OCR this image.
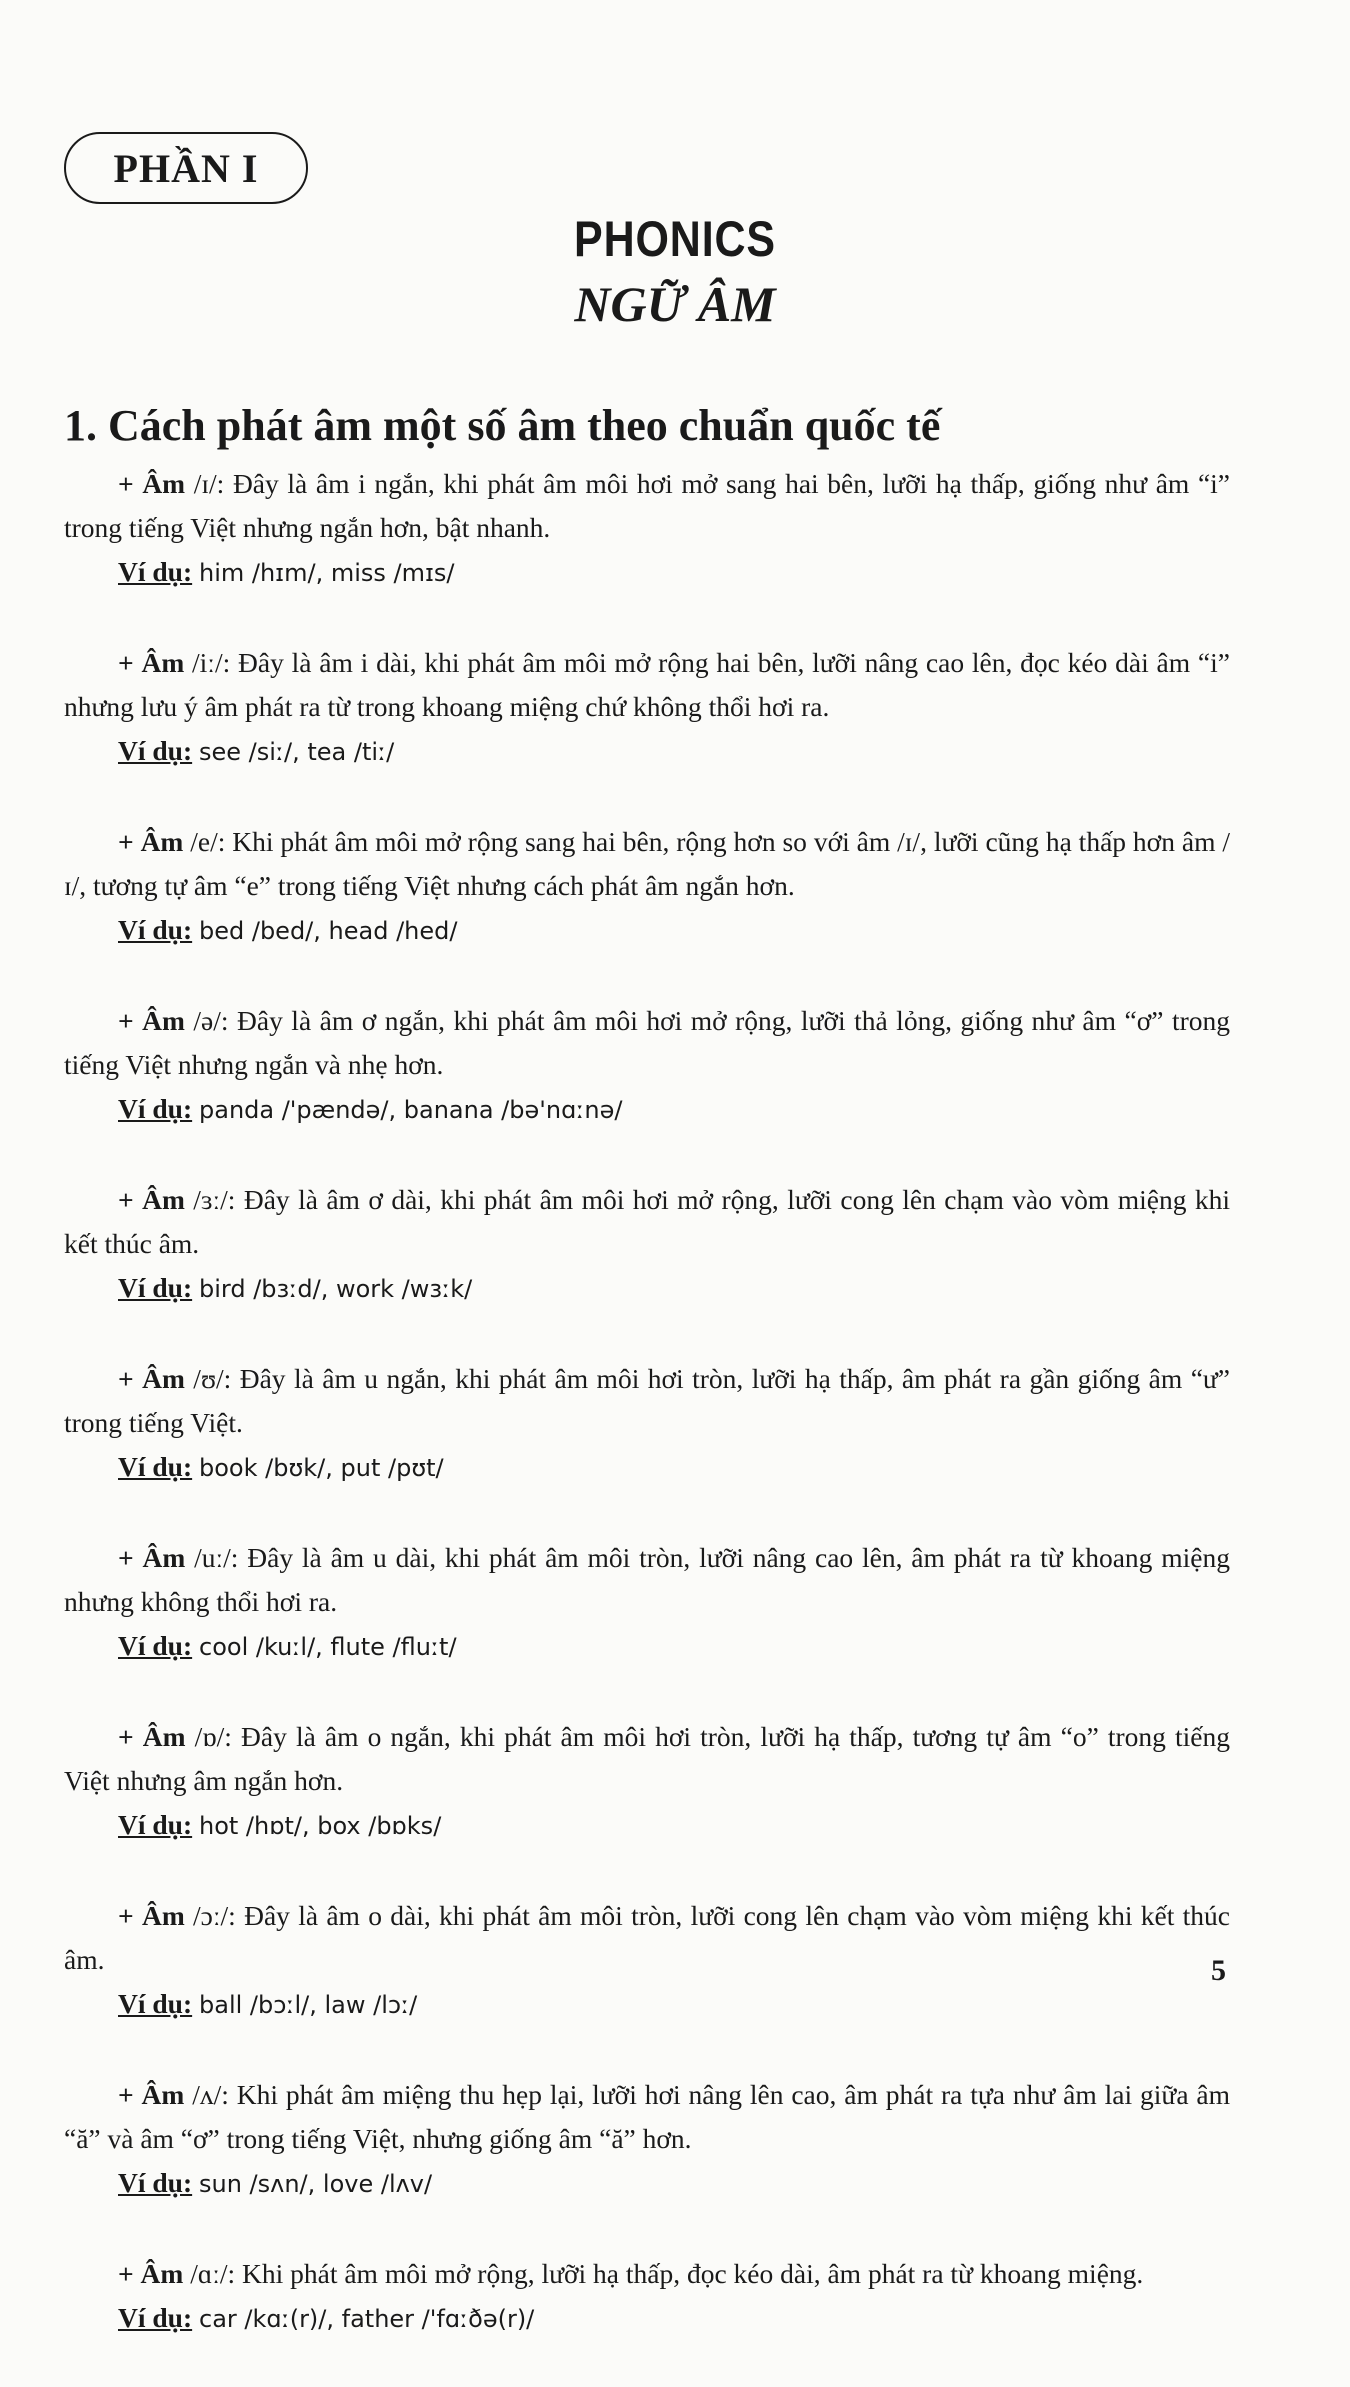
PHẦN I
PHONICS
NGỮ ÂM
1. Cách phát âm một số âm theo chuẩn quốc tế

+ Âm /ɪ/: Đây là âm i ngắn, khi phát âm môi hơi mở sang hai bên, lưỡi hạ thấp, giống như âm “i” trong tiếng Việt nhưng ngắn hơn, bật nhanh.

Ví dụ: him /hɪm/, miss /mɪs/

+ Âm /iː/: Đây là âm i dài, khi phát âm môi mở rộng hai bên, lưỡi nâng cao lên, đọc kéo dài âm “i” nhưng lưu ý âm phát ra từ trong khoang miệng chứ không thổi hơi ra.

Ví dụ: see /siː/, tea /tiː/

+ Âm /e/: Khi phát âm môi mở rộng sang hai bên, rộng hơn so với âm /ɪ/, lưỡi cũng hạ thấp hơn âm /ɪ/, tương tự âm “e” trong tiếng Việt nhưng cách phát âm ngắn hơn.

Ví dụ: bed /bed/, head /hed/

+ Âm /ə/: Đây là âm ơ ngắn, khi phát âm môi hơi mở rộng, lưỡi thả lỏng, giống như âm “ơ” trong tiếng Việt nhưng ngắn và nhẹ hơn.

Ví dụ: panda /'pændə/, banana /bə'nɑːnə/

+ Âm /ɜː/: Đây là âm ơ dài, khi phát âm môi hơi mở rộng, lưỡi cong lên chạm vào vòm miệng khi kết thúc âm.

Ví dụ: bird /bɜːd/, work /wɜːk/

+ Âm /ʊ/: Đây là âm u ngắn, khi phát âm môi hơi tròn, lưỡi hạ thấp, âm phát ra gần giống âm “ư” trong tiếng Việt.

Ví dụ: book /bʊk/, put /pʊt/

+ Âm /uː/: Đây là âm u dài, khi phát âm môi tròn, lưỡi nâng cao lên, âm phát ra từ khoang miệng nhưng không thổi hơi ra.

Ví dụ: cool /kuːl/, flute /fluːt/

+ Âm /ɒ/: Đây là âm o ngắn, khi phát âm môi hơi tròn, lưỡi hạ thấp, tương tự âm “o” trong tiếng Việt nhưng âm ngắn hơn.

Ví dụ: hot /hɒt/, box /bɒks/

+ Âm /ɔː/: Đây là âm o dài, khi phát âm môi tròn, lưỡi cong lên chạm vào vòm miệng khi kết thúc âm.

Ví dụ: ball /bɔːl/, law /lɔː/

+ Âm /ʌ/: Khi phát âm miệng thu hẹp lại, lưỡi hơi nâng lên cao, âm phát ra tựa như âm lai giữa âm “ă” và âm “ơ” trong tiếng Việt, nhưng giống âm “ă” hơn.

Ví dụ: sun /sʌn/, love /lʌv/

+ Âm /ɑː/: Khi phát âm môi mở rộng, lưỡi hạ thấp, đọc kéo dài, âm phát ra từ khoang miệng.

Ví dụ: car /kɑː(r)/, father /'fɑːðə(r)/

5
